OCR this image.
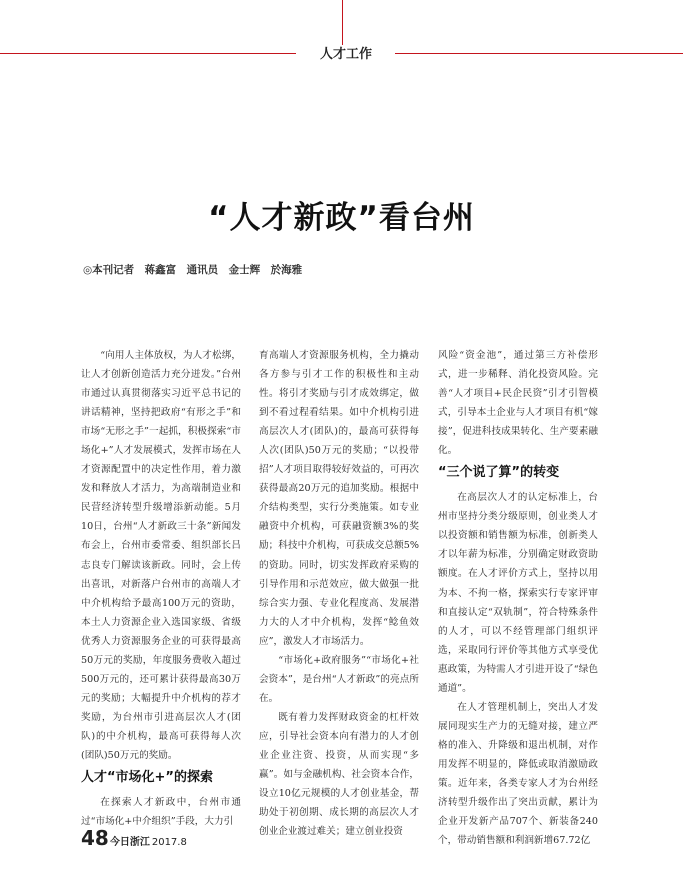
人才工作
“人才新政”看台州
◎本刊记者　蒋鑫富　通讯员　金士辉　於海雅

“向用人主体放权，为人才松绑，让人才创新创造活力充分迸发。”台州市通过认真贯彻落实习近平总书记的讲话精神，坚持把政府“有形之手”和市场“无形之手”一起抓，积极探索“市场化+”人才发展模式，发挥市场在人才资源配置中的决定性作用，着力激发和释放人才活力，为高端制造业和民营经济转型升级增添新动能。5月10日，台州“人才新政三十条”新闻发布会上，台州市委常委、组织部长吕志良专门解读该新政。同时，会上传出喜讯，对新落户台州市的高端人才中介机构给予最高100万元的资助，本土人力资源企业入选国家级、省级优秀人力资源服务企业的可获得最高50万元的奖励，年度服务费收入超过500万元的，还可累计获得最高30万元的奖励；大幅提升中介机构的荐才奖励，为台州市引进高层次人才(团队)的中介机构，最高可获得每人次(团队)50万元的奖励。

人才“市场化+”的探索

在探索人才新政中，台州市通过“市场化+中介组织”手段，大力引

育高端人才资源服务机构，全力撬动各方参与引才工作的积极性和主动性。将引才奖励与引才成效绑定，做到不看过程看结果。如中介机构引进高层次人才(团队)的，最高可获得每人次(团队)50万元的奖励；“以投带招”人才项目取得较好效益的，可再次获得最高20万元的追加奖励。根据中介结构类型，实行分类施策。如专业融资中介机构，可获融资额3%的奖励；科技中介机构，可获成交总额5%的资助。同时，切实发挥政府采购的引导作用和示范效应，做大做强一批综合实力强、专业化程度高、发展潜力大的人才中介机构，发挥“鲶鱼效应”，激发人才市场活力。

“市场化+政府服务”“市场化+社会资本”，是台州“人才新政”的亮点所在。

既有着力发挥财政资金的杠杆效应，引导社会资本向有潜力的人才创业企业注资、投资，从而实现“多赢”。如与金融机构、社会资本合作，设立10亿元规模的人才创业基金，帮助处于初创期、成长期的高层次人才创业企业渡过难关；建立创业投资

风险“资金池”，通过第三方补偿形式，进一步稀释、消化投资风险。完善“人才项目+民企民资”引才引智模式，引导本土企业与人才项目有机“嫁接”，促进科技成果转化、生产要素融化。

“三个说了算”的转变

在高层次人才的认定标准上，台州市坚持分类分级原则，创业类人才以投资额和销售额为标准，创新类人才以年薪为标准，分别确定财政资助额度。在人才评价方式上，坚持以用为本、不拘一格，探索实行专家评审和直接认定“双轨制”，符合特殊条件的人才，可以不经管理部门组织评选，采取同行评价等其他方式享受优惠政策，为特需人才引进开设了“绿色通道”。

在人才管理机制上，突出人才发展同现实生产力的无缝对接，建立严格的准入、升降级和退出机制，对作用发挥不明显的，降低或取消激励政策。近年来，各类专家人才为台州经济转型升级作出了突出贡献，累计为企业开发新产品707个、新装备240个，带动销售额和利润新增67.72亿

48今日浙江 2017.8
